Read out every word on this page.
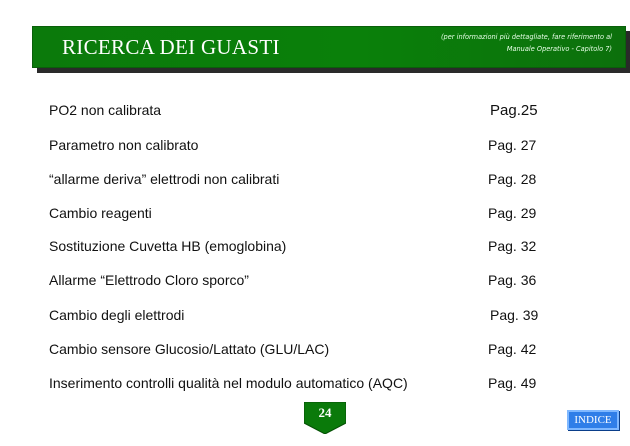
RICERCA DEI GUASTI	(per informazioni più dettagliate, fare riferimento al
Manuale Operativo - Capitolo 7)
PO2 non calibrata	Pag.25
Parametro non calibrato	Pag. 27
“allarme deriva” elettrodi non calibrati	Pag. 28
Cambio reagenti	Pag. 29
Sostituzione Cuvetta HB (emoglobina)	Pag. 32
Allarme “Elettrodo Cloro sporco”	Pag. 36
Cambio degli elettrodi	Pag. 39
Cambio sensore Glucosio/Lattato (GLU/LAC)	Pag. 42
Inserimento controlli qualità nel modulo automatico (AQC)	Pag. 49
24	INDICE
